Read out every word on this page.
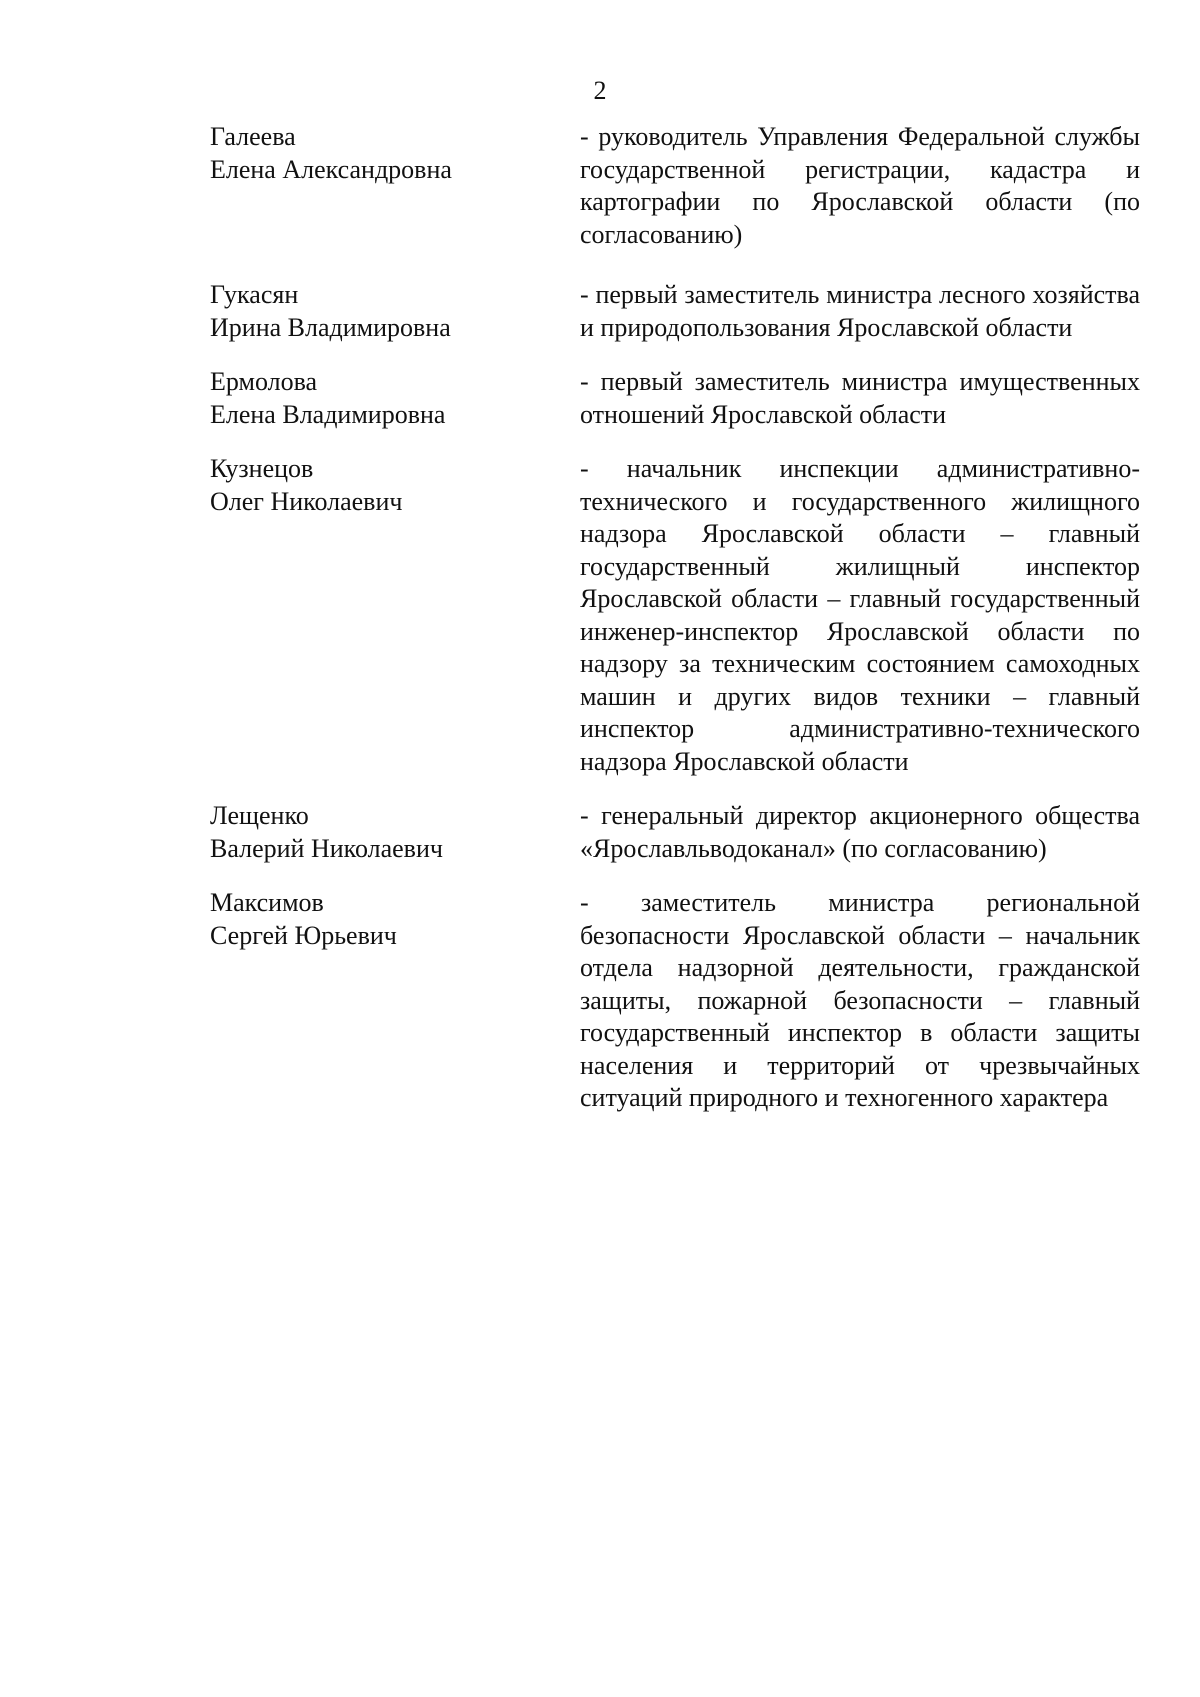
2
Галеева
Елена Александровна
- руководитель Управления Федеральной службы государственной регистрации, кадастра и картографии по Ярославской области (по согласованию)
Гукасян
Ирина Владимировна
- первый заместитель министра лесного хозяйства и природопользования Ярославской области
Ермолова
Елена Владимировна
- первый заместитель министра имущественных отношений Ярославской области
Кузнецов
Олег Николаевич
- начальник инспекции административно-технического и государственного жилищного надзора Ярославской области – главный государственный жилищный инспектор Ярославской области – главный государственный инженер-инспектор Ярославской области по надзору за техническим состоянием самоходных машин и других видов техники – главный инспектор административно-технического надзора Ярославской области
Лещенко
Валерий Николаевич
- генеральный директор акционерного общества «Ярославльводоканал» (по согласованию)
Максимов
Сергей Юрьевич
- заместитель министра региональной безопасности Ярославской области – начальник отдела надзорной деятельности, гражданской защиты, пожарной безопасности – главный государственный инспектор в области защиты населения и территорий от чрезвычайных ситуаций природного и техногенного характера
